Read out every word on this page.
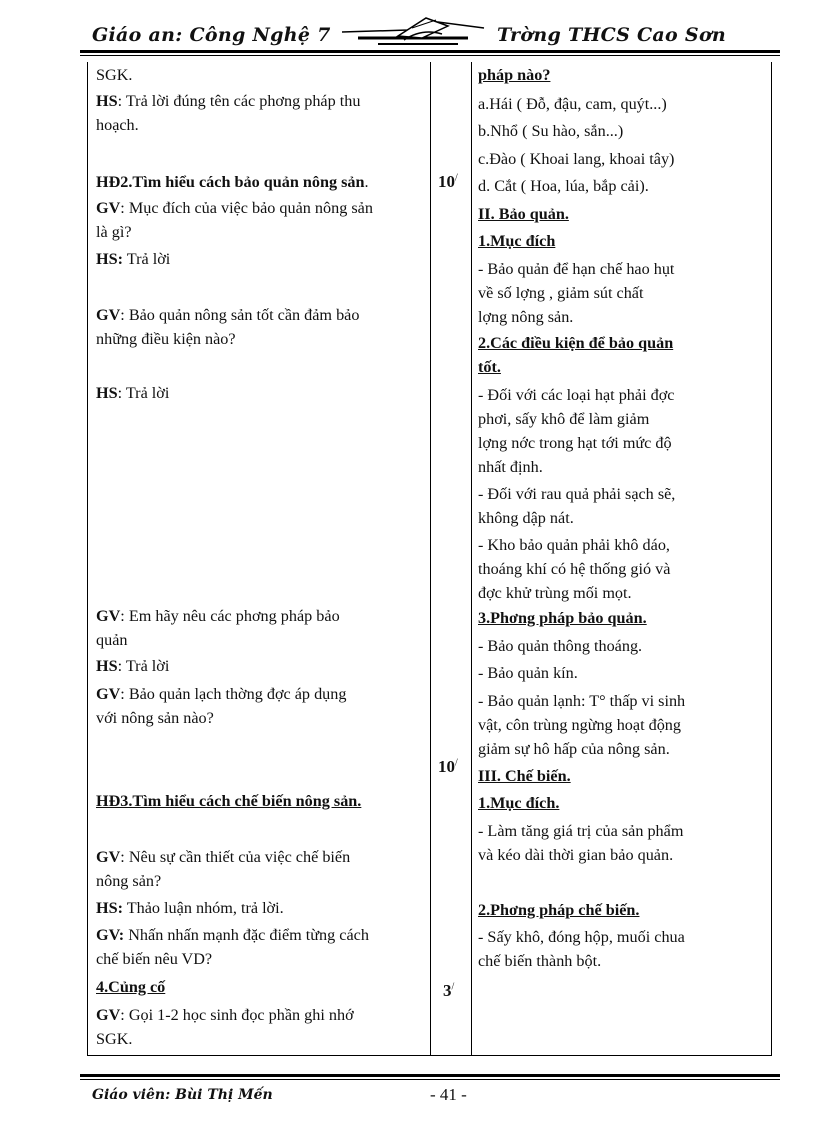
Giáo an: Công Nghệ 7	Trờng THCS Cao Sơn

SGK.

HS: Trả lời đúng tên các phơng pháp thu

hoạch.

HĐ2.Tìm hiểu cách bảo quản nông sản.

GV: Mục đích của việc bảo quản nông sản

là gì?

HS: Trả lời

GV: Bảo quản nông sản tốt cần đảm bảo

những điều kiện nào?

HS: Trả lời

GV: Em hãy nêu các phơng pháp bảo

quản

HS: Trả lời

GV: Bảo quản lạch thờng đợc áp dụng

với nông sản nào?

HĐ3.Tìm hiểu cách chế biến nông sản.

GV: Nêu sự cần thiết của việc chế biến

nông sản?

HS: Thảo luận nhóm, trả lời.

GV: Nhấn nhấn mạnh đặc điểm từng cách

chế biến nêu VD?

4.Củng cố

GV: Gọi 1-2 học sinh đọc phần ghi nhớ

SGK.

10/
10/
3/

pháp nào?

a.Hái ( Đỗ, đậu, cam, quýt...)

b.Nhổ ( Su hào, sắn...)

c.Đào ( Khoai lang, khoai tây)

d. Cắt ( Hoa, lúa, bắp cải).

II. Bảo quản.

1.Mục đích

- Bảo quản để hạn chế hao hụt

về số lợng , giảm sút chất

lợng nông sản.

2.Các điều kiện để bảo quản

tốt.

- Đối với các loại hạt phải đợc

phơi, sấy khô để làm giảm

lợng nớc trong hạt tới mức độ

nhất định.

- Đối với rau quả phải sạch sẽ,

không dập nát.

- Kho bảo quản phải khô dáo,

thoáng khí có hệ thống gió và

đợc khử trùng mối mọt.

3.Phơng pháp bảo quản.

- Bảo quản thông thoáng.

- Bảo quản kín.

- Bảo quản lạnh: T° thấp vi sinh

vật, côn trùng ngừng hoạt động

giảm sự hô hấp của nông sản.

III. Chế biến.

1.Mục đích.

- Làm tăng giá trị của sản phẩm

và kéo dài thời gian bảo quản.

2.Phơng pháp chế biến.

- Sấy khô, đóng hộp, muối chua

chế biến thành bột.

Giáo viên: Bùi Thị Mến	- 41 -
